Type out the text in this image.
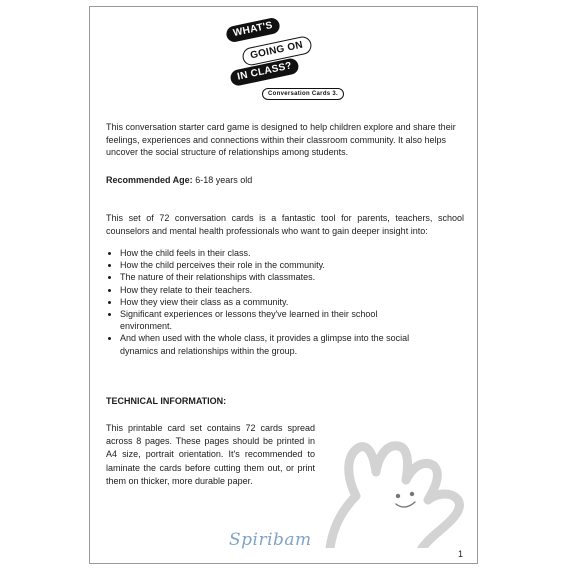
WHAT'S
GOING ON
IN CLASS?
Conversation Cards 3.

This conversation starter card game is designed to help children explore and share their feelings, experiences and connections within their classroom community. It also helps uncover the social structure of relationships among students.

Recommended Age: 6-18 years old

This set of 72 conversation cards is a fantastic tool for parents, teachers, school counselors and mental health professionals who want to gain deeper insight into:

• How the child feels in their class.
• How the child perceives their role in the community.
• The nature of their relationships with classmates.
• How they relate to their teachers.
• How they view their class as a community.
• Significant experiences or lessons they've learned in their school environment.
• And when used with the whole class, it provides a glimpse into the social dynamics and relationships within the group.
TECHNICAL INFORMATION:
This printable card set contains 72 cards spread across 8 pages. These pages should be printed in A4 size, portrait orientation. It's recommended to laminate the cards before cutting them out, or print them on thicker, more durable paper.
Spiribam
1
